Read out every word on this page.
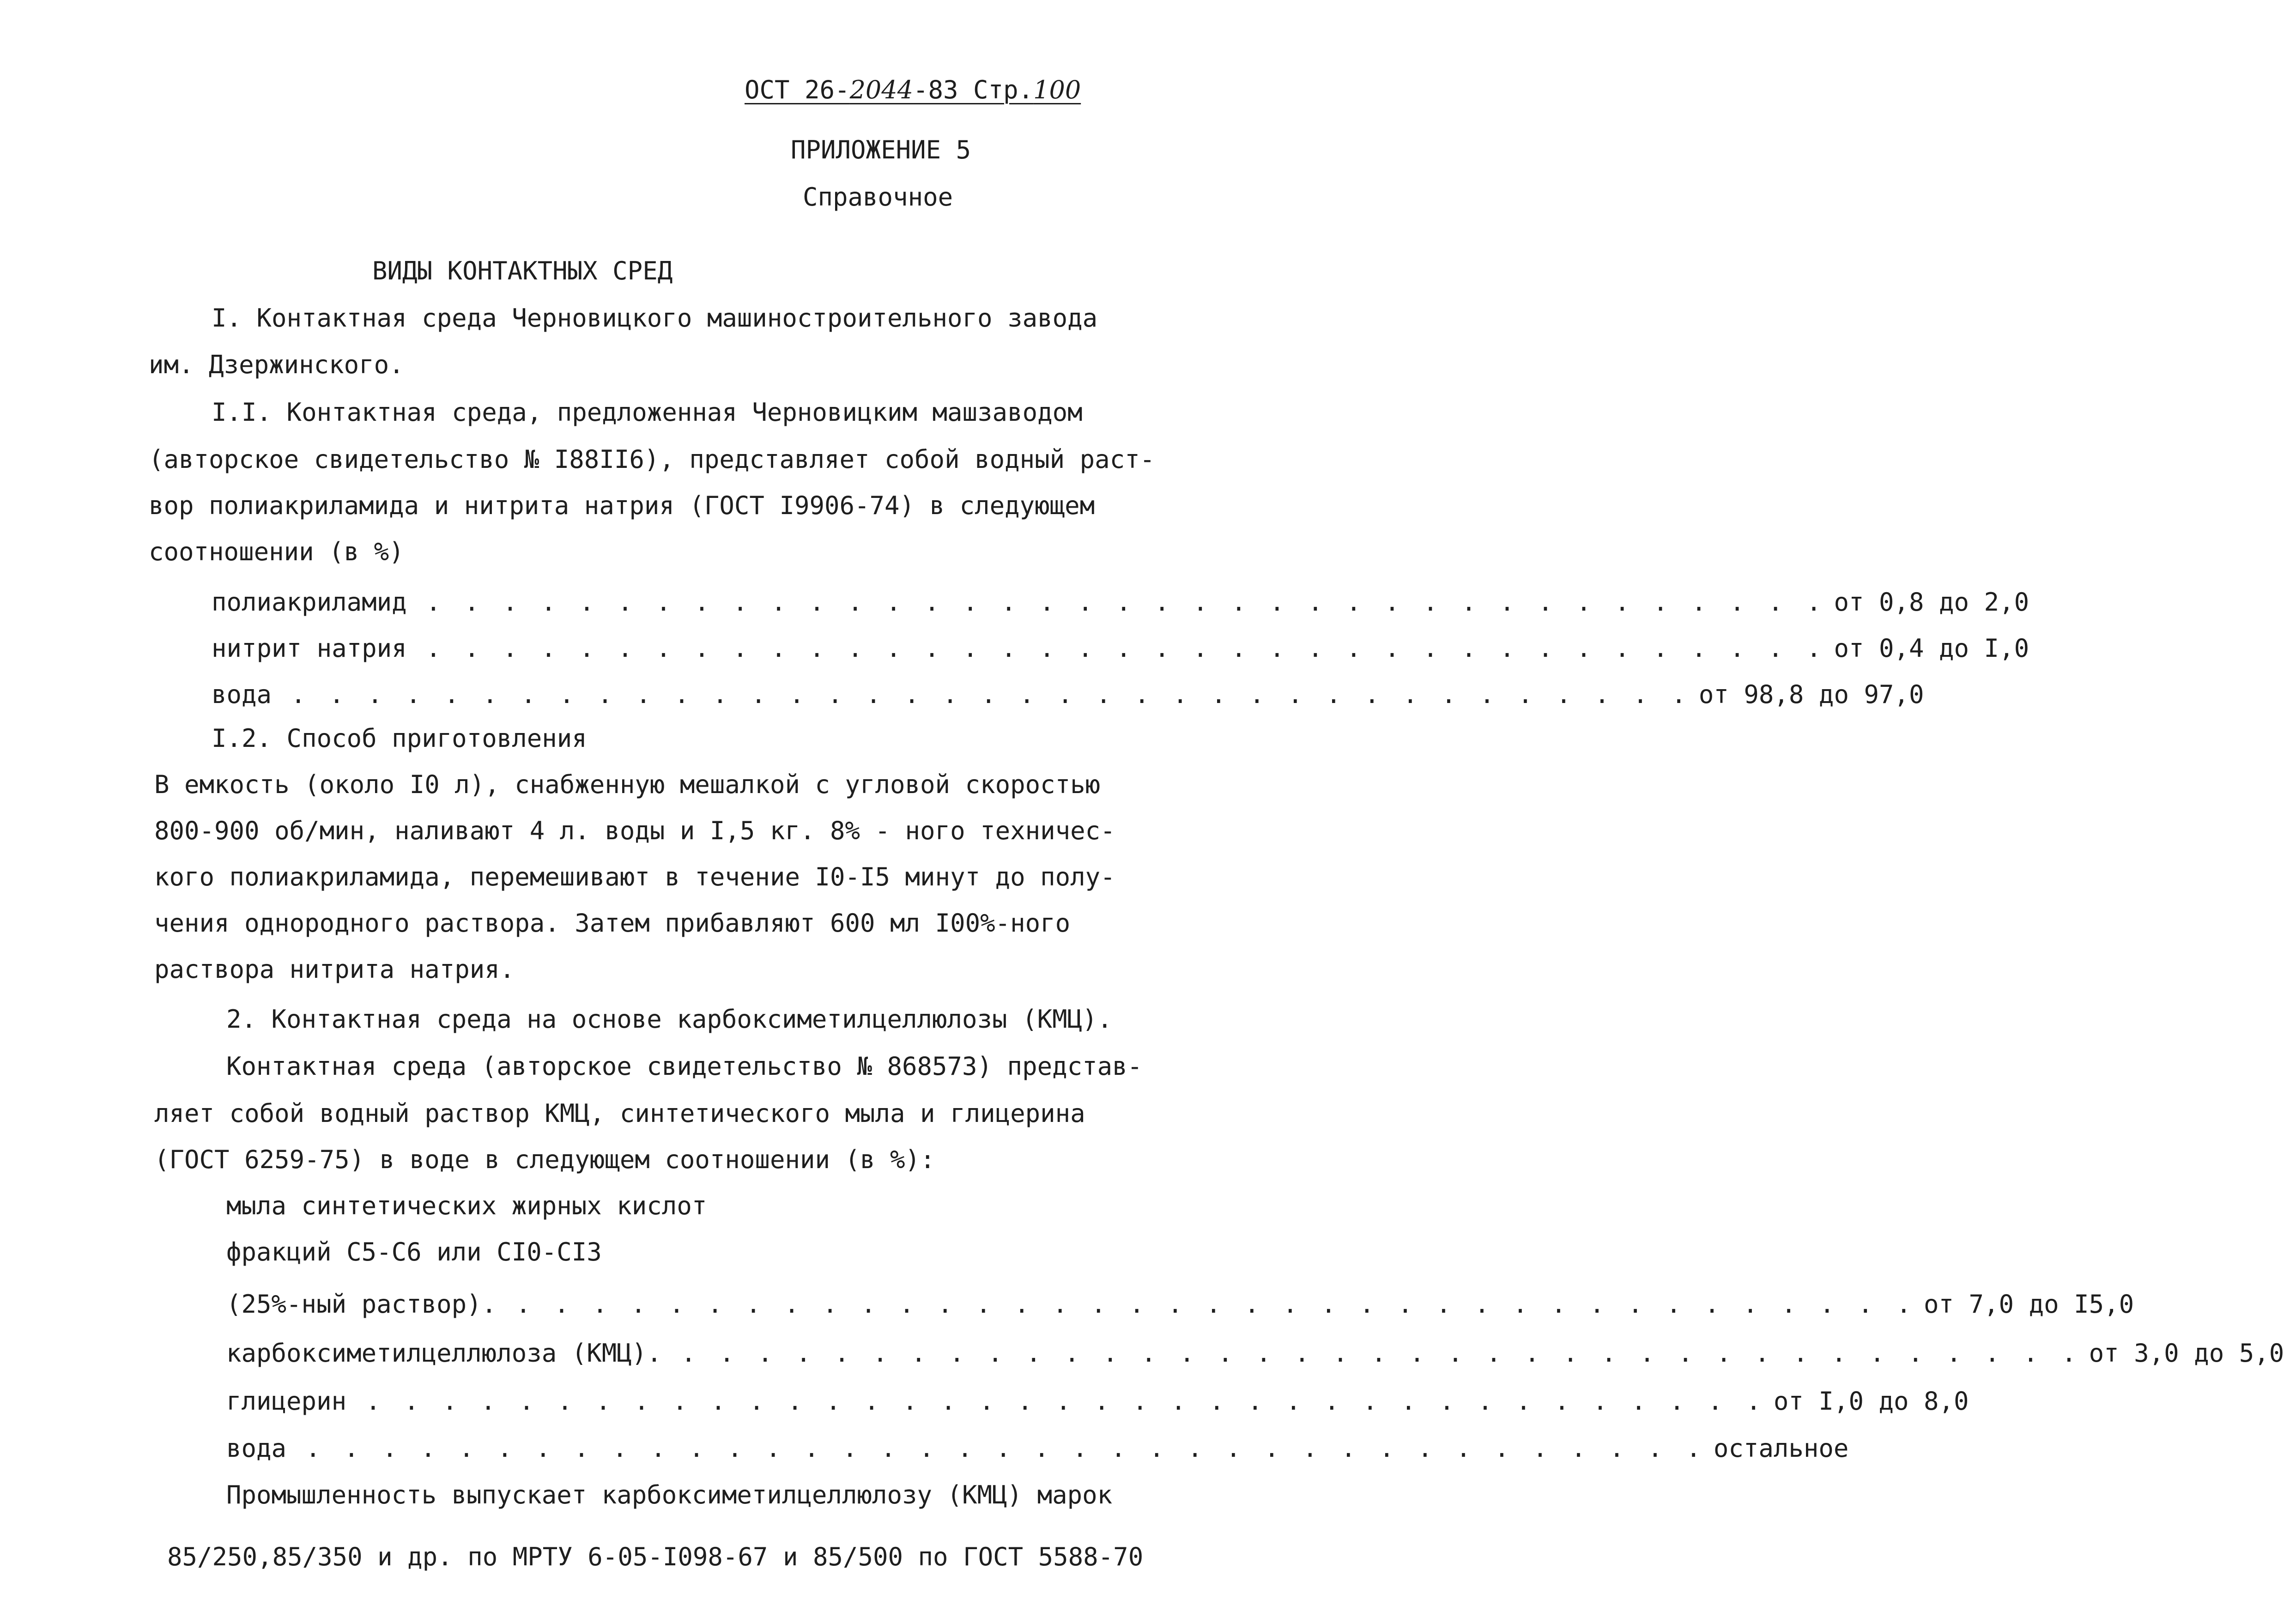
ОСТ 26-2044-83 Стр.100
ПРИЛОЖЕНИЕ 5
Справочное
ВИДЫ КОНТАКТНЫХ СРЕД
I. Контактная среда Черновицкого машиностроительного завода
им. Дзержинского.
I.I. Контактная среда, предложенная Черновицким машзаводом
(авторское свидетельство № I88II6), представляет собой водный раст-
вор полиакриламида и нитрита натрия (ГОСТ I9906-74) в следующем
соотношении (в %)
полиакриламид . . . . . . . . . . . . . . . . . . . . . . . . . . . . . . . . . . . . . от 0,8 до 2,0
нитрит натрия . . . . . . . . . . . . . . . . . . . . . . . . . . . . . . . . . . . . . от 0,4 до I,0
вода . . . . . . . . . . . . . . . . . . . . . . . . . . . . . . . . . . . . . от 98,8 до 97,0
I.2. Способ приготовления
В емкость (около I0 л), снабженную мешалкой с угловой скоростью
800-900 об/мин, наливают 4 л. воды и I,5 кг. 8% - ного техничес-
кого полиакриламида, перемешивают в течение I0-I5 минут до полу-
чения однородного раствора. Затем прибавляют 600 мл I00%-ного
раствора нитрита натрия.
2. Контактная среда на основе карбоксиметилцеллюлозы (КМЦ).
Контактная среда (авторское свидетельство № 868573) представ-
ляет собой водный раствор КМЦ, синтетического мыла и глицерина
(ГОСТ 6259-75) в воде в следующем соотношении (в %):
мыла синтетических жирных кислот
фракций С5-С6 или СI0-СI3
(25%-ный раствор). . . . . . . . . . . . . . . . . . . . . . . . . . . . . . . . . . . . . . от 7,0 до I5,0
карбоксиметилцеллюлоза (КМЦ). . . . . . . . . . . . . . . . . . . . . . . . . . . . . . . . . . . . . . от 3,0 до 5,0
глицерин . . . . . . . . . . . . . . . . . . . . . . . . . . . . . . . . . . . . . от I,0 до 8,0
вода . . . . . . . . . . . . . . . . . . . . . . . . . . . . . . . . . . . . . остальное
Промышленность выпускает карбоксиметилцеллюлозу (КМЦ) марок
85/250,85/350 и др. по МРТУ 6-05-I098-67 и 85/500 по ГОСТ 5588-70
